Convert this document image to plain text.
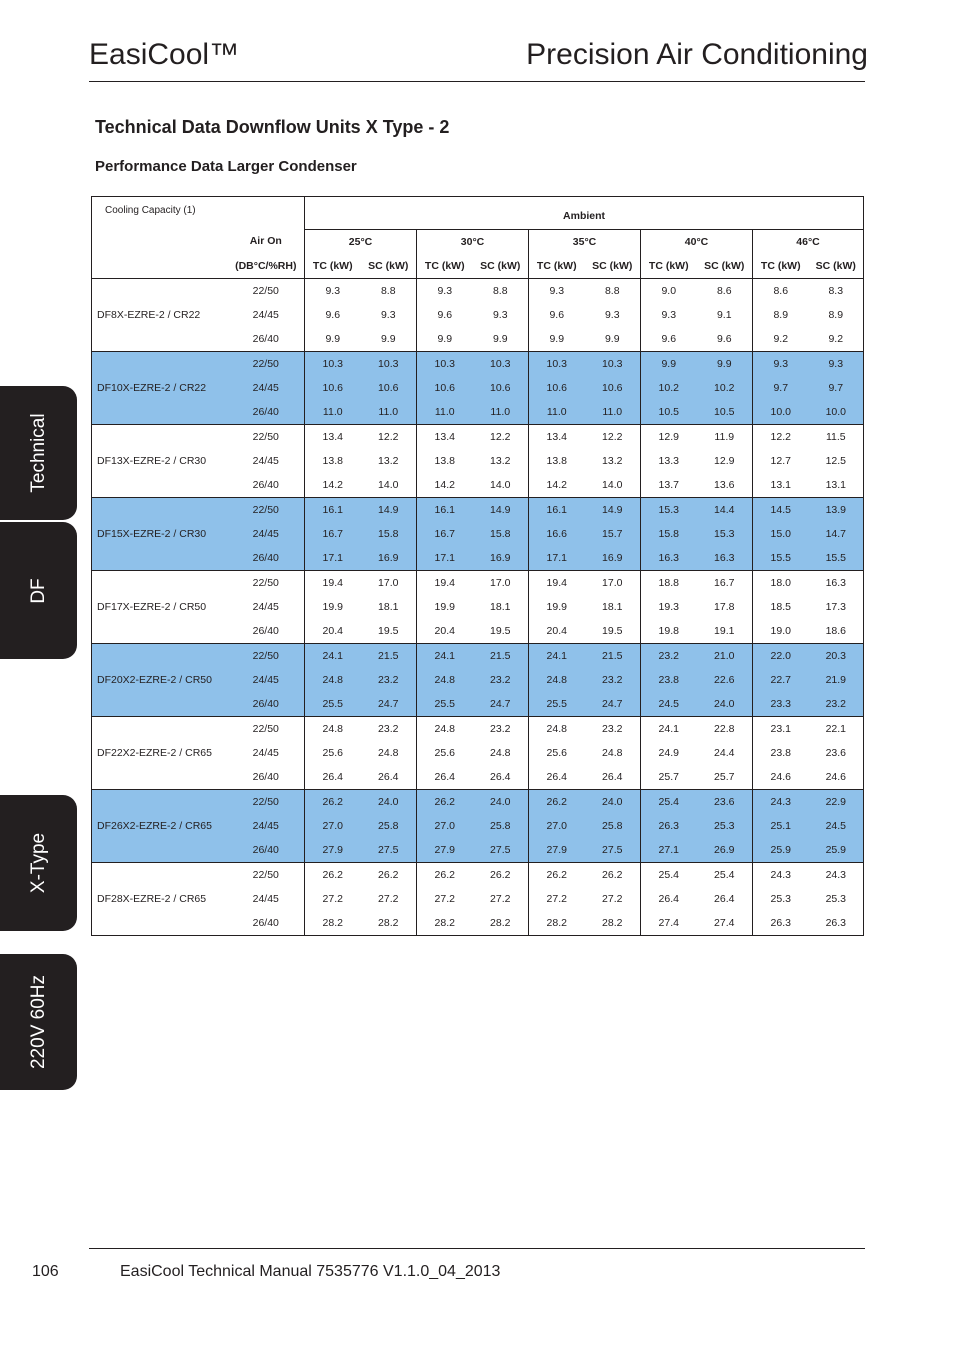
EasiCool™	Precision Air Conditioning
Technical Data Downflow Units X Type - 2
Performance Data Larger Condenser
Technical
DF
X-Type
220V 60Hz
Cooling Capacity (1)		Ambient									
	Air On	25°C		30°C		35°C		40°C		46°C	
	(DB°C/%RH)	TC (kW)	SC (kW)	TC (kW)	SC (kW)	TC (kW)	SC (kW)	TC (kW)	SC (kW)	TC (kW)	SC (kW)
DF8X-EZRE-2 / CR22	22/50	9.3	8.8	9.3	8.8	9.3	8.8	9.0	8.6	8.6	8.3
	24/45	9.6	9.3	9.6	9.3	9.6	9.3	9.3	9.1	8.9	8.9
	26/40	9.9	9.9	9.9	9.9	9.9	9.9	9.6	9.6	9.2	9.2
DF10X-EZRE-2 / CR22	22/50	10.3	10.3	10.3	10.3	10.3	10.3	9.9	9.9	9.3	9.3
	24/45	10.6	10.6	10.6	10.6	10.6	10.6	10.2	10.2	9.7	9.7
	26/40	11.0	11.0	11.0	11.0	11.0	11.0	10.5	10.5	10.0	10.0
DF13X-EZRE-2 / CR30	22/50	13.4	12.2	13.4	12.2	13.4	12.2	12.9	11.9	12.2	11.5
	24/45	13.8	13.2	13.8	13.2	13.8	13.2	13.3	12.9	12.7	12.5
	26/40	14.2	14.0	14.2	14.0	14.2	14.0	13.7	13.6	13.1	13.1
DF15X-EZRE-2 / CR30	22/50	16.1	14.9	16.1	14.9	16.1	14.9	15.3	14.4	14.5	13.9
	24/45	16.7	15.8	16.7	15.8	16.6	15.7	15.8	15.3	15.0	14.7
	26/40	17.1	16.9	17.1	16.9	17.1	16.9	16.3	16.3	15.5	15.5
DF17X-EZRE-2 / CR50	22/50	19.4	17.0	19.4	17.0	19.4	17.0	18.8	16.7	18.0	16.3
	24/45	19.9	18.1	19.9	18.1	19.9	18.1	19.3	17.8	18.5	17.3
	26/40	20.4	19.5	20.4	19.5	20.4	19.5	19.8	19.1	19.0	18.6
DF20X2-EZRE-2 / CR50	22/50	24.1	21.5	24.1	21.5	24.1	21.5	23.2	21.0	22.0	20.3
	24/45	24.8	23.2	24.8	23.2	24.8	23.2	23.8	22.6	22.7	21.9
	26/40	25.5	24.7	25.5	24.7	25.5	24.7	24.5	24.0	23.3	23.2
DF22X2-EZRE-2 / CR65	22/50	24.8	23.2	24.8	23.2	24.8	23.2	24.1	22.8	23.1	22.1
	24/45	25.6	24.8	25.6	24.8	25.6	24.8	24.9	24.4	23.8	23.6
	26/40	26.4	26.4	26.4	26.4	26.4	26.4	25.7	25.7	24.6	24.6
DF26X2-EZRE-2 / CR65	22/50	26.2	24.0	26.2	24.0	26.2	24.0	25.4	23.6	24.3	22.9
	24/45	27.0	25.8	27.0	25.8	27.0	25.8	26.3	25.3	25.1	24.5
	26/40	27.9	27.5	27.9	27.5	27.9	27.5	27.1	26.9	25.9	25.9
DF28X-EZRE-2 / CR65	22/50	26.2	26.2	26.2	26.2	26.2	26.2	25.4	25.4	24.3	24.3
	24/45	27.2	27.2	27.2	27.2	27.2	27.2	26.4	26.4	25.3	25.3
	26/40	28.2	28.2	28.2	28.2	28.2	28.2	27.4	27.4	26.3	26.3
106	EasiCool Technical Manual 7535776 V1.1.0_04_2013
